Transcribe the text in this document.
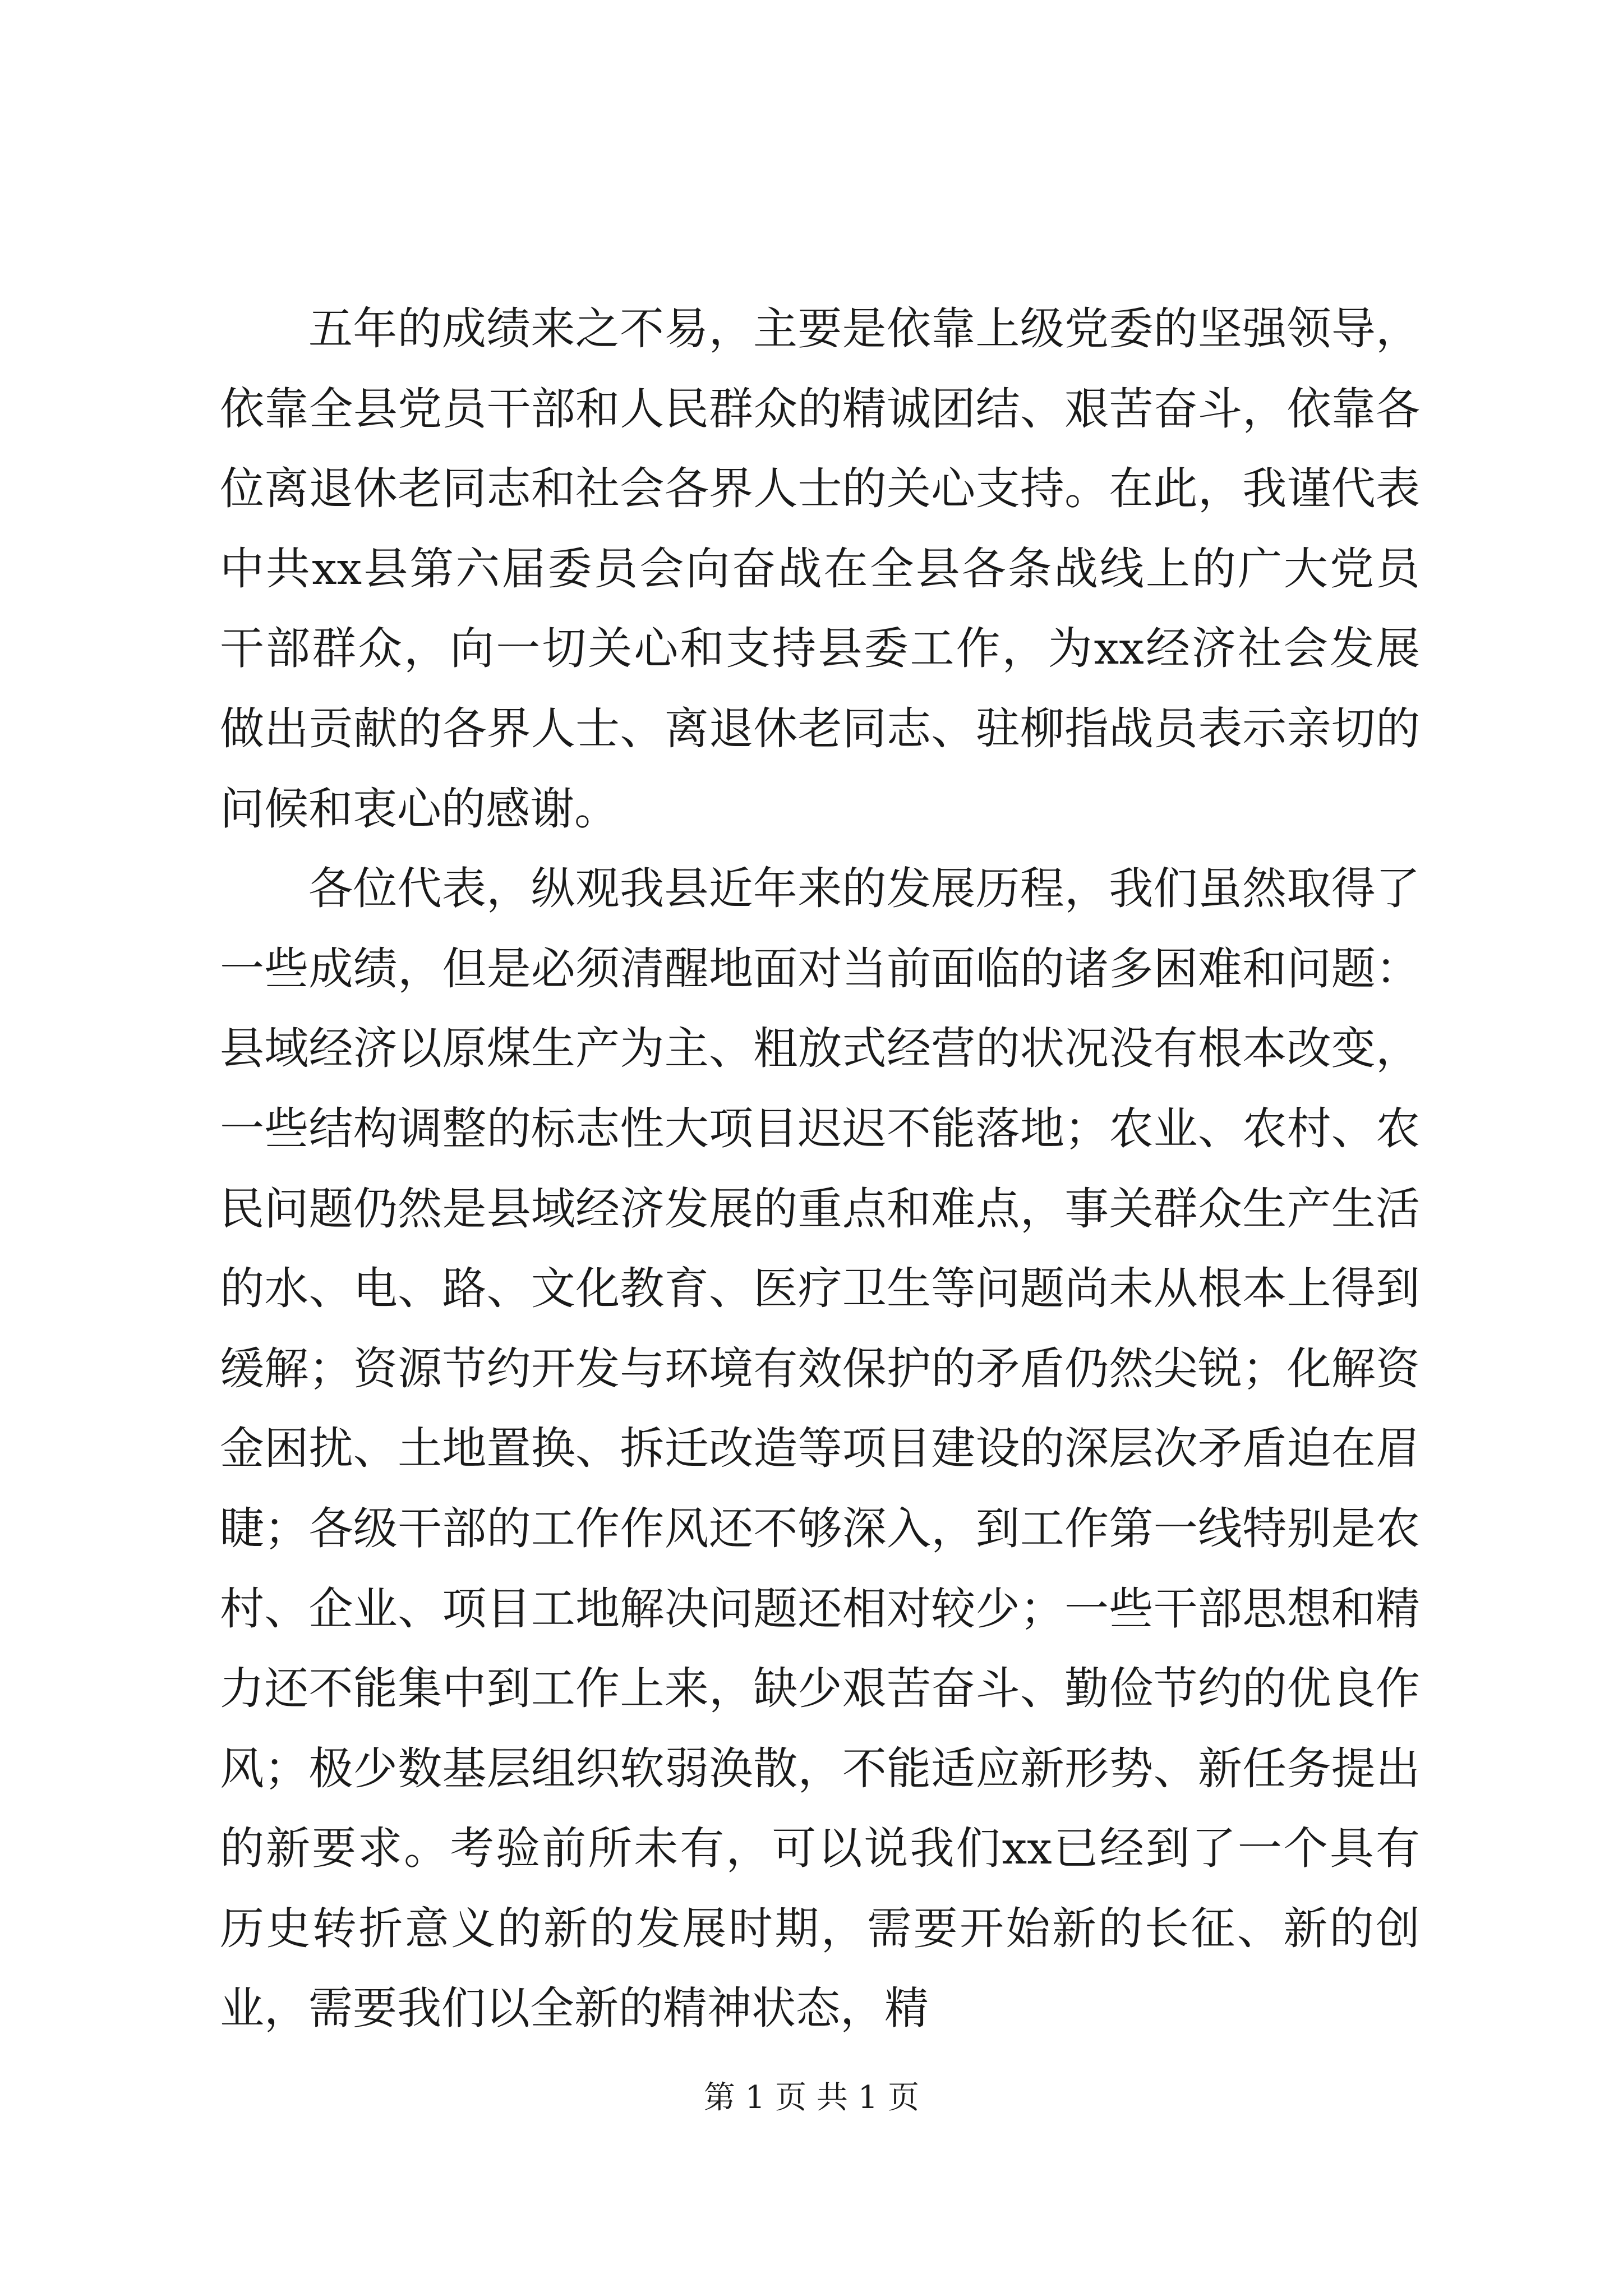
五年的成绩来之不易，主要是依靠上级党委的坚强领导，依靠全县党员干部和人民群众的精诚团结、艰苦奋斗，依靠各位离退休老同志和社会各界人士的关心支持。在此，我谨代表中共xx县第六届委员会向奋战在全县各条战线上的广大党员干部群众，向一切关心和支持县委工作，为xx经济社会发展做出贡献的各界人士、离退休老同志、驻柳指战员表示亲切的问候和衷心的感谢。

各位代表，纵观我县近年来的发展历程，我们虽然取得了一些成绩，但是必须清醒地面对当前面临的诸多困难和问题：县域经济以原煤生产为主、粗放式经营的状况没有根本改变，一些结构调整的标志性大项目迟迟不能落地；农业、农村、农民问题仍然是县域经济发展的重点和难点，事关群众生产生活的水、电、路、文化教育、医疗卫生等问题尚未从根本上得到缓解；资源节约开发与环境有效保护的矛盾仍然尖锐；化解资金困扰、土地置换、拆迁改造等项目建设的深层次矛盾迫在眉睫；各级干部的工作作风还不够深入，到工作第一线特别是农村、企业、项目工地解决问题还相对较少；一些干部思想和精力还不能集中到工作上来，缺少艰苦奋斗、勤俭节约的优良作风；极少数基层组织软弱涣散，不能适应新形势、新任务提出的新要求。考验前所未有，可以说我们xx已经到了一个具有历史转折意义的新的发展时期，需要开始新的长征、新的创业，需要我们以全新的精神状态，精

第 1 页 共 1 页
